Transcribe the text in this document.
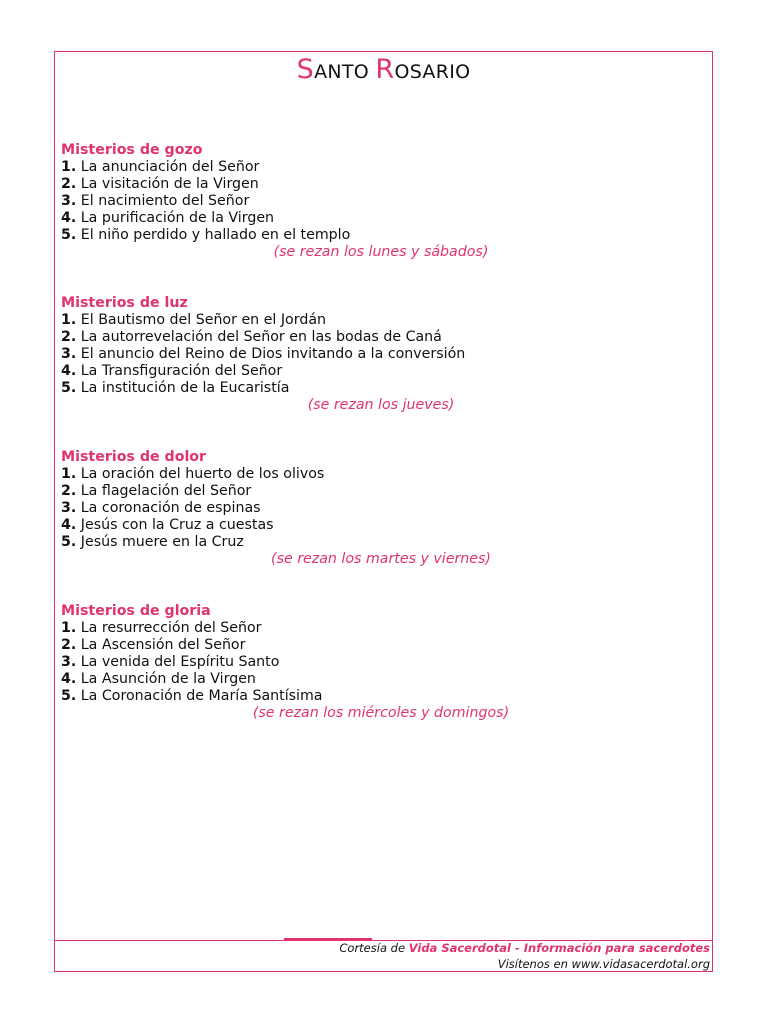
SANTO ROSARIO
Misterios de gozo
1. La anunciación del Señor
2. La visitación de la Virgen
3. El nacimiento del Señor
4. La purificación de la Virgen
5. El niño perdido y hallado en el templo
(se rezan los lunes y sábados)
Misterios de luz
1. El Bautismo del Señor en el Jordán
2. La autorrevelación del Señor en las bodas de Caná
3. El anuncio del Reino de Dios invitando a la conversión
4. La Transfiguración del Señor
5. La institución de la Eucaristía
(se rezan los jueves)
Misterios de dolor
1. La oración del huerto de los olivos
2. La flagelación del Señor
3. La coronación de espinas
4. Jesús con la Cruz a cuestas
5. Jesús muere en la Cruz
(se rezan los martes y viernes)
Misterios de gloria
1. La resurrección del Señor
2. La Ascensión del Señor
3. La venida del Espíritu Santo
4. La Asunción de la Virgen
5. La Coronación de María Santísima
(se rezan los miércoles y domingos)
Cortesía de Vida Sacerdotal - Información para sacerdotes
Visítenos en www.vidasacerdotal.org
